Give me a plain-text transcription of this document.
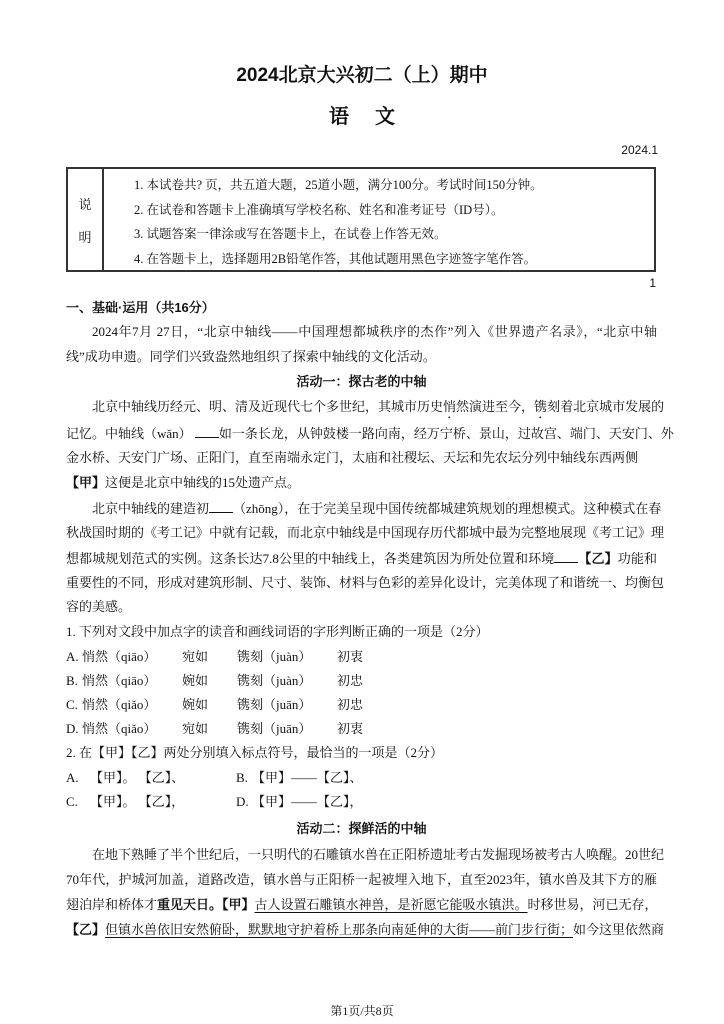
2024北京大兴初二（上）期中
语文
2024.1
说
明
1. 本试卷共? 页，共五道大题，25道小题，满分100分。考试时间150分钟。
2. 在试卷和答题卡上准确填写学校名称、姓名和准考证号（ID号）。
3. 试题答案一律涂或写在答题卡上，在试卷上作答无效。
4. 在答题卡上，选择题用2B铅笔作答，其他试题用黑色字迹签字笔作答。
1
一、基础·运用（共16分）
2024年7月 27日，“北京中轴线——中国理想都城秩序的杰作”列入《世界遗产名录》，“北京中轴
线”成功申遗。同学们兴致盎然地组织了探索中轴线的文化活动。
活动一：探古老的中轴
北京中轴线历经元、明、清及近现代七个多世纪，其城市历史悄然演进至今，镌刻着北京城市发展的
记忆。中轴线（wǎn） 如一条长龙，从钟鼓楼一路向南，经万宁桥、景山，过故宫、端门、天安门、外
金水桥、天安门广场、正阳门，直至南端永定门，太庙和社稷坛、天坛和先农坛分列中轴线东西两侧
【甲】这便是北京中轴线的15处遗产点。
北京中轴线的建造初 （zhōng），在于完美呈现中国传统都城建筑规划的理想模式。这种模式在春
秋战国时期的《考工记》中就有记载，而北京中轴线是中国现存历代都城中最为完整地展现《考工记》理
想都城规划范式的实例。这条长达7.8公里的中轴线上，各类建筑因为所处位置和环境 【乙】功能和
重要性的不同，形成对建筑形制、尺寸、装饰、材料与色彩的差异化设计，完美体现了和谐统一、均衡包
容的美感。
1. 下列对文段中加点字的读音和画线词语的字形判断正确的一项是（2分）
A. 悄然（qiāo） 宛如 镌刻（juàn） 初衷
B. 悄然（qiāo） 婉如 镌刻（juàn） 初忠
C. 悄然（qiǎo） 婉如 镌刻（juān） 初忠
D. 悄然（qiǎo） 宛如 镌刻（juān） 初衷
2. 在【甲】【乙】两处分别填入标点符号，最恰当的一项是（2分）
A. 【甲】。 【乙】、	B. 【甲】——【乙】、
C. 【甲】。 【乙】，	D. 【甲】——【乙】，
活动二：探鲜活的中轴
在地下熟睡了半个世纪后，一只明代的石雕镇水兽在正阳桥遗址考古发掘现场被考古人唤醒。20世纪
70年代，护城河加盖，道路改造，镇水兽与正阳桥一起被埋入地下，直至2023年，镇水兽及其下方的雁
翅泊岸和桥体才重见天日。【甲】古人设置石雕镇水神兽，是祈愿它能吸水镇洪。时移世易，河已无存，
【乙】但镇水兽依旧安然俯卧，默默地守护着桥上那条向南延伸的大街——前门步行街；如今这里依然商
第1页/共8页
